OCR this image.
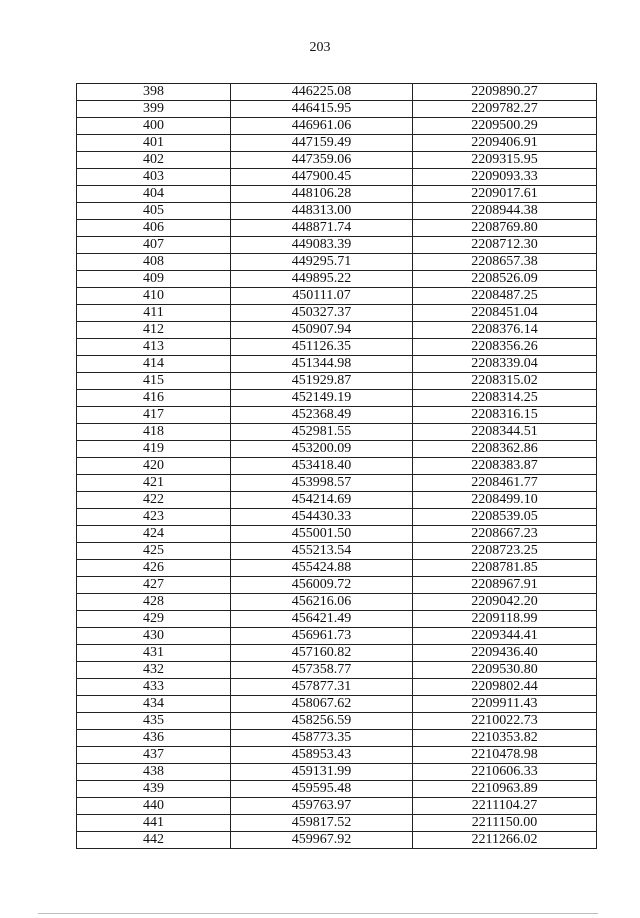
203
398	446225.08	2209890.27
399	446415.95	2209782.27
400	446961.06	2209500.29
401	447159.49	2209406.91
402	447359.06	2209315.95
403	447900.45	2209093.33
404	448106.28	2209017.61
405	448313.00	2208944.38
406	448871.74	2208769.80
407	449083.39	2208712.30
408	449295.71	2208657.38
409	449895.22	2208526.09
410	450111.07	2208487.25
411	450327.37	2208451.04
412	450907.94	2208376.14
413	451126.35	2208356.26
414	451344.98	2208339.04
415	451929.87	2208315.02
416	452149.19	2208314.25
417	452368.49	2208316.15
418	452981.55	2208344.51
419	453200.09	2208362.86
420	453418.40	2208383.87
421	453998.57	2208461.77
422	454214.69	2208499.10
423	454430.33	2208539.05
424	455001.50	2208667.23
425	455213.54	2208723.25
426	455424.88	2208781.85
427	456009.72	2208967.91
428	456216.06	2209042.20
429	456421.49	2209118.99
430	456961.73	2209344.41
431	457160.82	2209436.40
432	457358.77	2209530.80
433	457877.31	2209802.44
434	458067.62	2209911.43
435	458256.59	2210022.73
436	458773.35	2210353.82
437	458953.43	2210478.98
438	459131.99	2210606.33
439	459595.48	2210963.89
440	459763.97	2211104.27
441	459817.52	2211150.00
442	459967.92	2211266.02
